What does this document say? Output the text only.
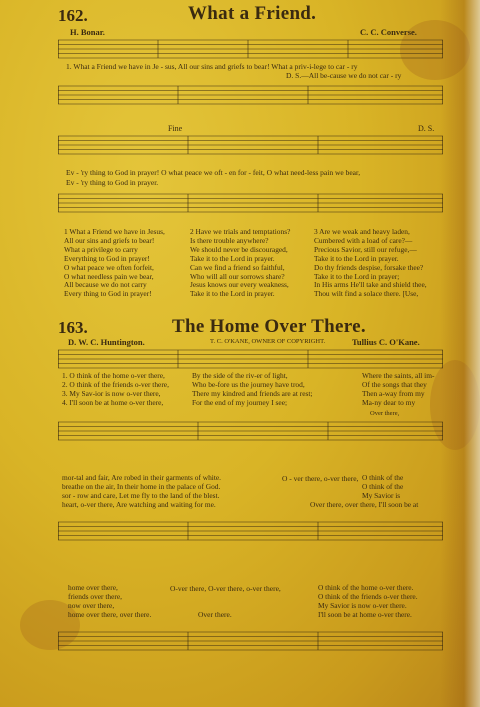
162.	What a Friend.
H. Bonar.	C. C. Converse.
1. What a Friend we have in Je - sus, All our sins and griefs to bear! What a priv-i-lege to car - ry
D. S.—All be-cause we do not car - ry
Fine	D. S.
Ev - 'ry thing to God in prayer! O what peace we oft - en for - feit, O what need-less pain we bear,
Ev - 'ry thing to God in prayer.
1 What a Friend we have in Jesus,
All our sins and griefs to bear!
What a privilege to carry
Everything to God in prayer!
O what peace we often forfeit,
O what needless pain we bear,
All because we do not carry
Every thing to God in prayer!
2 Have we trials and temptations?
Is there trouble anywhere?
We should never be discouraged,
Take it to the Lord in prayer.
Can we find a friend so faithful,
Who will all our sorrows share?
Jesus knows our every weakness,
Take it to the Lord in prayer.
3 Are we weak and heavy laden,
Cumbered with a load of care?—
Precious Savior, still our refuge,—
Take it to the Lord in prayer.
Do thy friends despise, forsake thee?
Take it to the Lord in prayer;
In His arms He'll take and shield thee,
Thou wilt find a solace there. [Use,
163.	The Home Over There.
D. W. C. Huntington.	T. C. O'KANE, OWNER OF COPYRIGHT.	Tullius C. O'Kane.
1. O think of the home o-ver there,
2. O think of the friends o-ver there,
3. My Sav-ior is now o-ver there,
4. I'll soon be at home o-ver there,
By the side of the riv-er of light,
Who be-fore us the journey have trod,
There my kindred and friends are at rest;
For the end of my journey I see;
Where the saints, all im-
Of the songs that they
Then a-way from my
Ma-ny dear to my
Over there,
mor-tal and fair, Are robed in their garments of white.
breathe on the air, In their home in the palace of God.
sor - row and care, Let me fly to the land of the blest.
heart, o-ver there, Are watching and waiting for me.
O - ver there, o-ver there, O think of the
O think of the
My Savior is
Over there, over there, I'll soon be at
home over there,
friends over there,
now over there,
home over there, over there.
O-ver there, O-ver there, o-ver there,
Over there.
O think of the home o-ver there.
O think of the friends o-ver there.
My Savior is now o-ver there.
I'll soon be at home o-ver there.
